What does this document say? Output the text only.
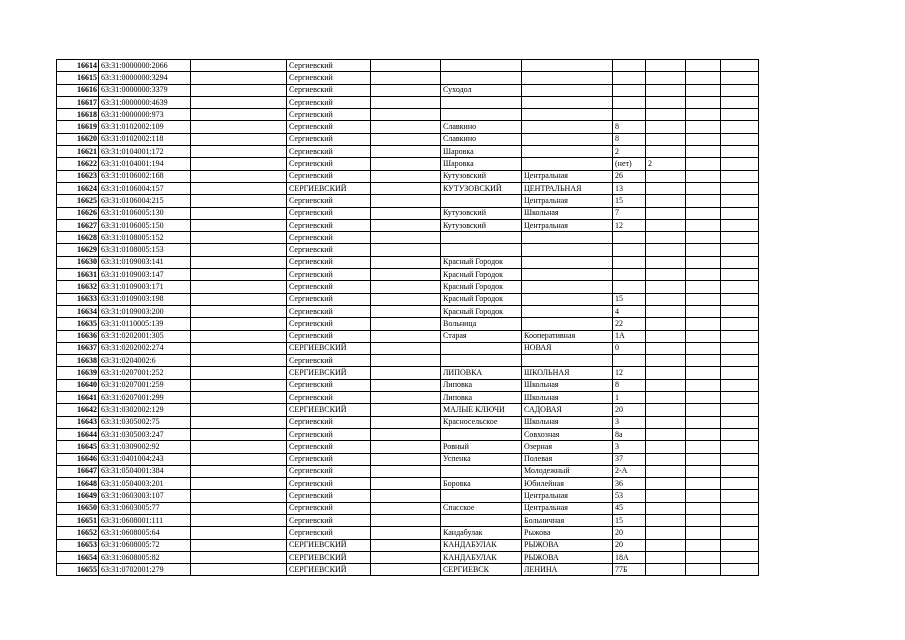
16614	63:31:0000000:2066		Сергиевский							
16615	63:31:0000000:3294		Сергиевский							
16616	63:31:0000000:3379		Сергиевский		Суходол					
16617	63:31:0000000:4639		Сергиевский							
16618	63:31:0000000:973		Сергиевский							
16619	63:31:0102002:109		Сергиевский		Славкино		8			
16620	63:31:0102002:118		Сергиевский		Славкино		8			
16621	63:31:0104001:172		Сергиевский		Шаровка		2			
16622	63:31:0104001:194		Сергиевский		Шаровка		(нет)	2		
16623	63:31:0106002:168		Сергиевский		Кутузовский	Центральная	26			
16624	63:31:0106004:157		СЕРГИЕВСКИЙ		КУТУЗОВСКИЙ	ЦЕНТРАЛЬНАЯ	13			
16625	63:31:0106004:215		Сергиевский			Центральная	15			
16626	63:31:0106005:130		Сергиевский		Кутузовский	Школьная	7			
16627	63:31:0106005:150		Сергиевский		Кутузовский	Центральная	12			
16628	63:31:0108005:152		Сергиевский							
16629	63:31:0108005:153		Сергиевский							
16630	63:31:0109003:141		Сергиевский		Красный Городок					
16631	63:31:0109003:147		Сергиевский		Красный Городок					
16632	63:31:0109003:171		Сергиевский		Красный Городок					
16633	63:31:0109003:198		Сергиевский		Красный Городок		15			
16634	63:31:0109003:200		Сергиевский		Красный Городок		4			
16635	63:31:0110005:139		Сергиевский		Вольница		22			
16636	63:31:0202001:305		Сергиевский		Старая	Кооперативная	1А			
16637	63:31:0202002:274		СЕРГИЕВСКИЙ			НОВАЯ	0			
16638	63:31:0204002:6		Сергиевский							
16639	63:31:0207001:252		СЕРГИЕВСКИЙ		ЛИПОВКА	ШКОЛЬНАЯ	12			
16640	63:31:0207001:259		Сергиевский		Липовка	Школьная	8			
16641	63:31:0207001:299		Сергиевский		Липовка	Школьная	1			
16642	63:31:0302002:129		СЕРГИЕВСКИЙ		МАЛЫЕ КЛЮЧИ	САДОВАЯ	20			
16643	63:31:0305002:75		Сергиевский		Красносельское	Школьная	3			
16644	63:31:0305003:247		Сергиевский			Совхозная	8а			
16645	63:31:0309002:92		Сергиевский		Ровный	Озерная	3			
16646	63:31:0401004:243		Сергиевский		Успенка	Полевая	37			
16647	63:31:0504001:384		Сергиевский			Молодежный	2-А			
16648	63:31:0504003:201		Сергиевский		Боровка	Юбилейная	36			
16649	63:31:0603003:107		Сергиевский			Центральная	53			
16650	63:31:0603005:77		Сергиевский		Спасское	Центральная	45			
16651	63:31:0608001:111		Сергиевский			Больничная	15			
16652	63:31:0608005:64		Сергиевский		Кандабулак	Рыжова	20			
16653	63:31:0608005:72		СЕРГИЕВСКИЙ		КАНДАБУЛАК	РЫЖОВА	20			
16654	63:31:0608005:82		СЕРГИЕВСКИЙ		КАНДАБУЛАК	РЫЖОВА	18А			
16655	63:31:0702001:279		СЕРГИЕВСКИЙ		СЕРГИЕВСК	ЛЕНИНА	77Б			
